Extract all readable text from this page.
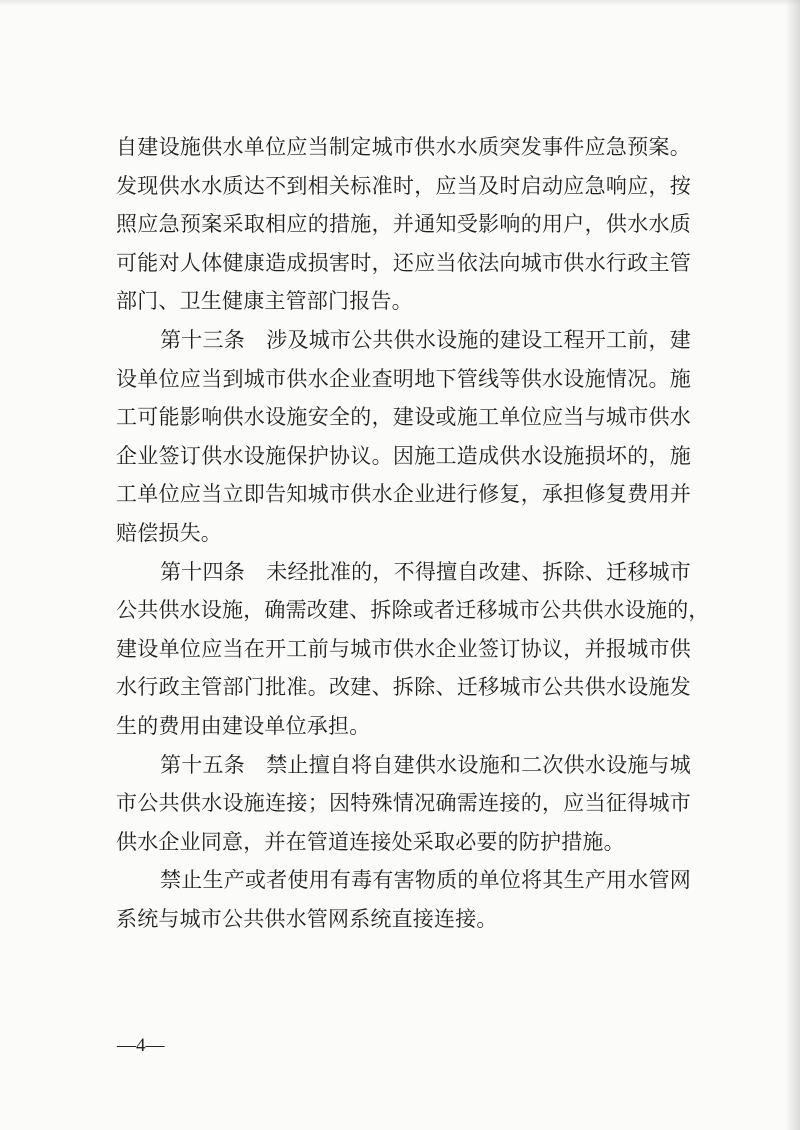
自建设施供水单位应当制定城市供水水质突发事件应急预案。
发现供水水质达不到相关标准时，应当及时启动应急响应，按
照应急预案采取相应的措施，并通知受影响的用户，供水水质
可能对人体健康造成损害时，还应当依法向城市供水行政主管
部门、卫生健康主管部门报告。
第十三条　涉及城市公共供水设施的建设工程开工前，建
设单位应当到城市供水企业查明地下管线等供水设施情况。施
工可能影响供水设施安全的，建设或施工单位应当与城市供水
企业签订供水设施保护协议。因施工造成供水设施损坏的，施
工单位应当立即告知城市供水企业进行修复，承担修复费用并
赔偿损失。
第十四条　未经批准的，不得擅自改建、拆除、迁移城市
公共供水设施，确需改建、拆除或者迁移城市公共供水设施的，
建设单位应当在开工前与城市供水企业签订协议，并报城市供
水行政主管部门批准。改建、拆除、迁移城市公共供水设施发
生的费用由建设单位承担。
第十五条　禁止擅自将自建供水设施和二次供水设施与城
市公共供水设施连接；因特殊情况确需连接的，应当征得城市
供水企业同意，并在管道连接处采取必要的防护措施。
禁止生产或者使用有毒有害物质的单位将其生产用水管网
系统与城市公共供水管网系统直接连接。
—4—
